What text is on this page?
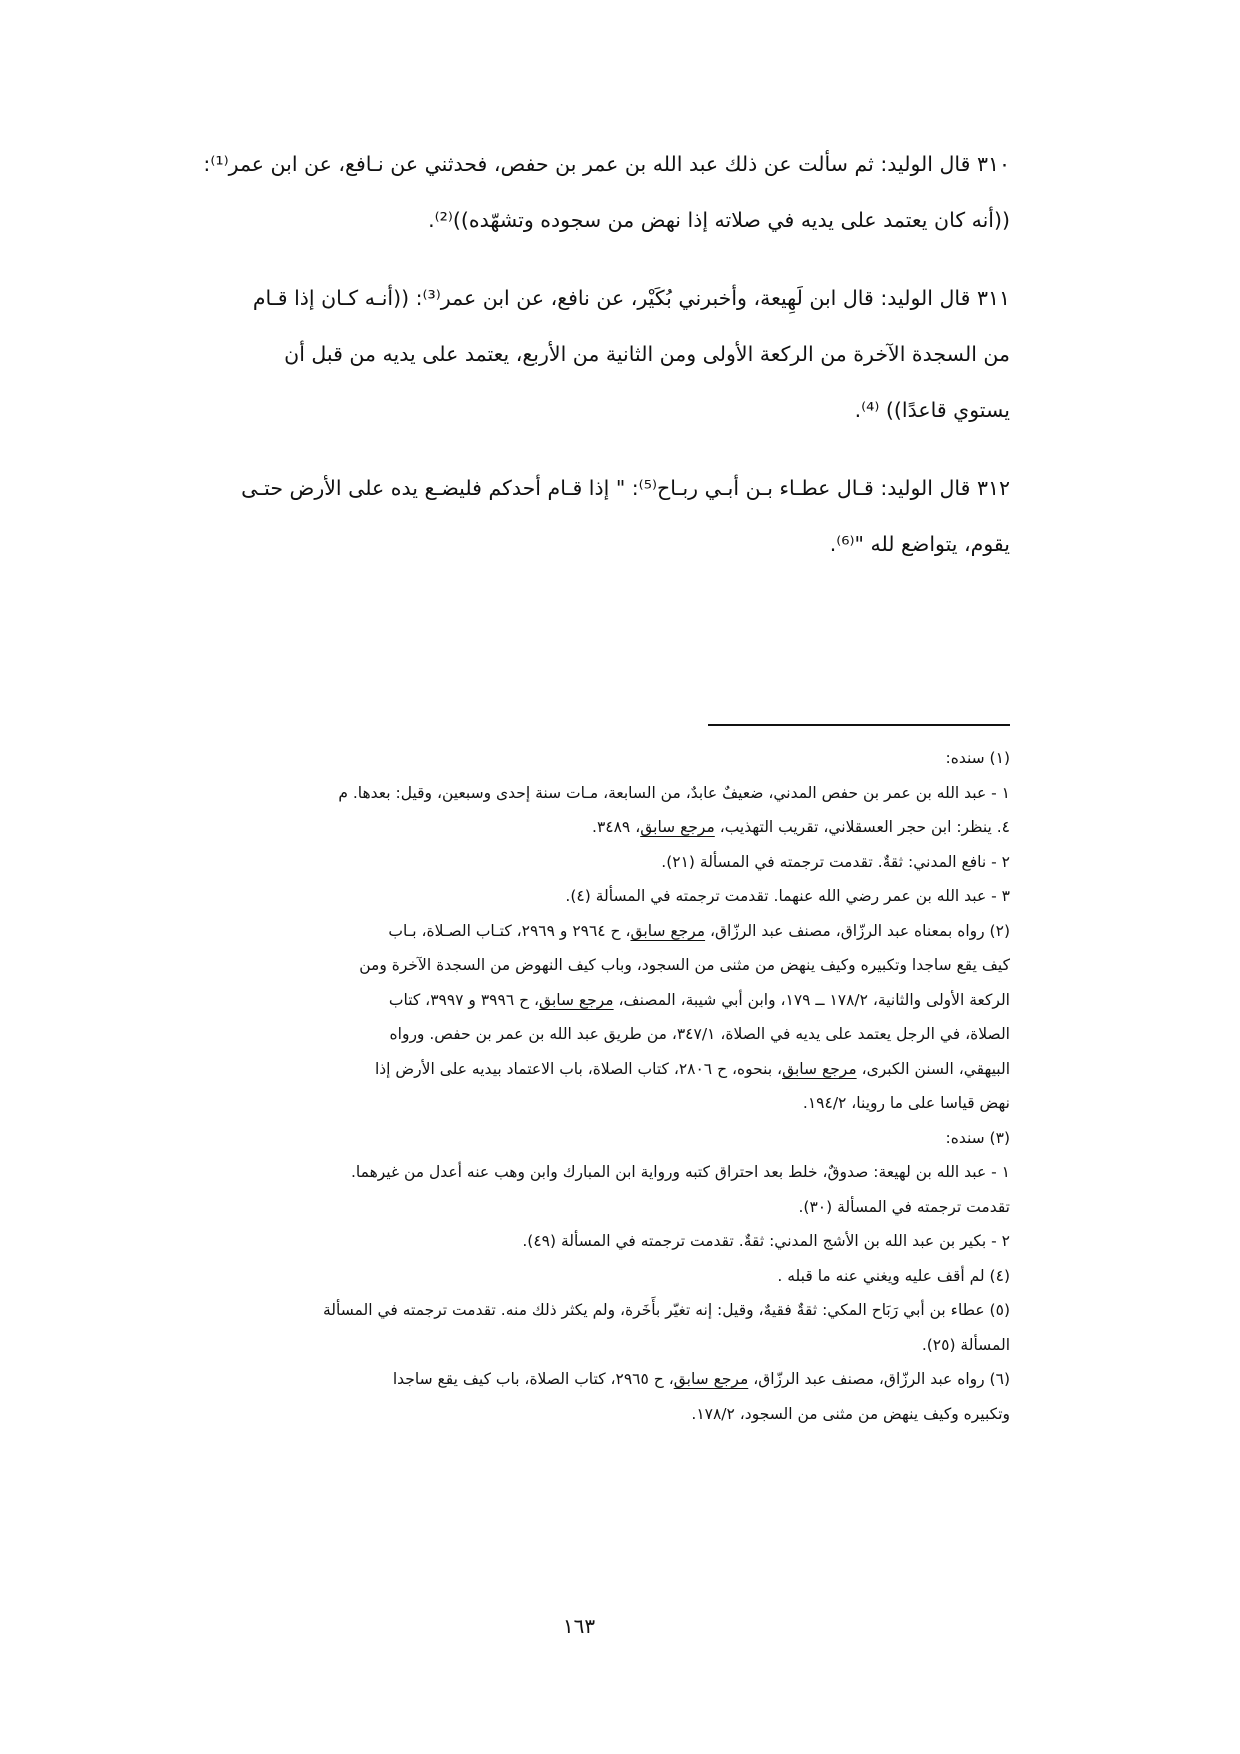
٣١٠ قال الوليد: ثم سألت عن ذلك عبد الله بن عمر بن حفص، فحدثني عن نـافع، عن ابن عمر⁽¹⁾:
((أنه كان يعتمد على يديه في صلاته إذا نهض من سجوده وتشهّده))⁽²⁾.

٣١١ قال الوليد: قال ابن لَهِيعة، وأخبرني بُكَيْر، عن نافع، عن ابن عمر⁽³⁾: ((أنـه كـان إذا قـام
من السجدة الآخرة من الركعة الأولى ومن الثانية من الأربع، يعتمد على يديه من قبل أن
يستوي قاعدًا)) ⁽⁴⁾.

٣١٢ قال الوليد: قـال عطـاء بـن أبـي ربـاح⁽⁵⁾: " إذا قـام أحدكم فليضـع يده على الأرض حتـى
يقوم، يتواضع لله "⁽⁶⁾.

(١) سنده:
١ - عبد الله بن عمر بن حفص المدني، ضعيفٌ عابدٌ، من السابعة، مـات سنة إحدى وسبعين، وقيل: بعدها. م
٤. ينظر: ابن حجر العسقلاني، تقريب التهذيب، مرجع سابق، ٣٤٨٩.
٢ - نافع المدني: ثقةٌ. تقدمت ترجمته في المسألة (٢١).
٣ - عبد الله بن عمر رضي الله عنهما. تقدمت ترجمته في المسألة (٤).
(٢) رواه بمعناه عبد الرزّاق، مصنف عبد الرزّاق، مرجع سابق، ح ٢٩٦٤ و ٢٩٦٩، كتـاب الصـلاة، بـاب
كيف يقع ساجدا وتكبيره وكيف ينهض من مثنى من السجود، وباب كيف النهوض من السجدة الآخرة ومن
الركعة الأولى والثانية، ١٧٨/٢ ــ ١٧٩، وابن أبي شيبة، المصنف، مرجع سابق، ح ٣٩٩٦ و ٣٩٩٧، كتاب
الصلاة، في الرجل يعتمد على يديه في الصلاة، ٣٤٧/١، من طريق عبد الله بن عمر بن حفص. ورواه
البيهقي، السنن الكبرى، مرجع سابق، بنحوه، ح ٢٨٠٦، كتاب الصلاة، باب الاعتماد بيديه على الأرض إذا
نهض قياسا على ما روينا، ١٩٤/٢.
(٣) سنده:
١ - عبد الله بن لهيعة: صدوقٌ، خلط بعد احتراق كتبه ورواية ابن المبارك وابن وهب عنه أعدل من غيرهما.
تقدمت ترجمته في المسألة (٣٠).
٢ - بكير بن عبد الله بن الأشج المدني: ثقةٌ. تقدمت ترجمته في المسألة (٤٩).
(٤) لم أقف عليه ويغني عنه ما قبله .
(٥) عطاء بن أبي رَبَاح المكي: ثقةٌ فقيهٌ، وقيل: إنه تغيّر بأَخَرة، ولم يكثر ذلك منه. تقدمت ترجمته في المسألة
المسألة (٢٥).
(٦) رواه عبد الرزّاق، مصنف عبد الرزّاق، مرجع سابق، ح ٢٩٦٥، كتاب الصلاة، باب كيف يقع ساجدا
وتكبيره وكيف ينهض من مثنى من السجود، ١٧٨/٢.
١٦٣
